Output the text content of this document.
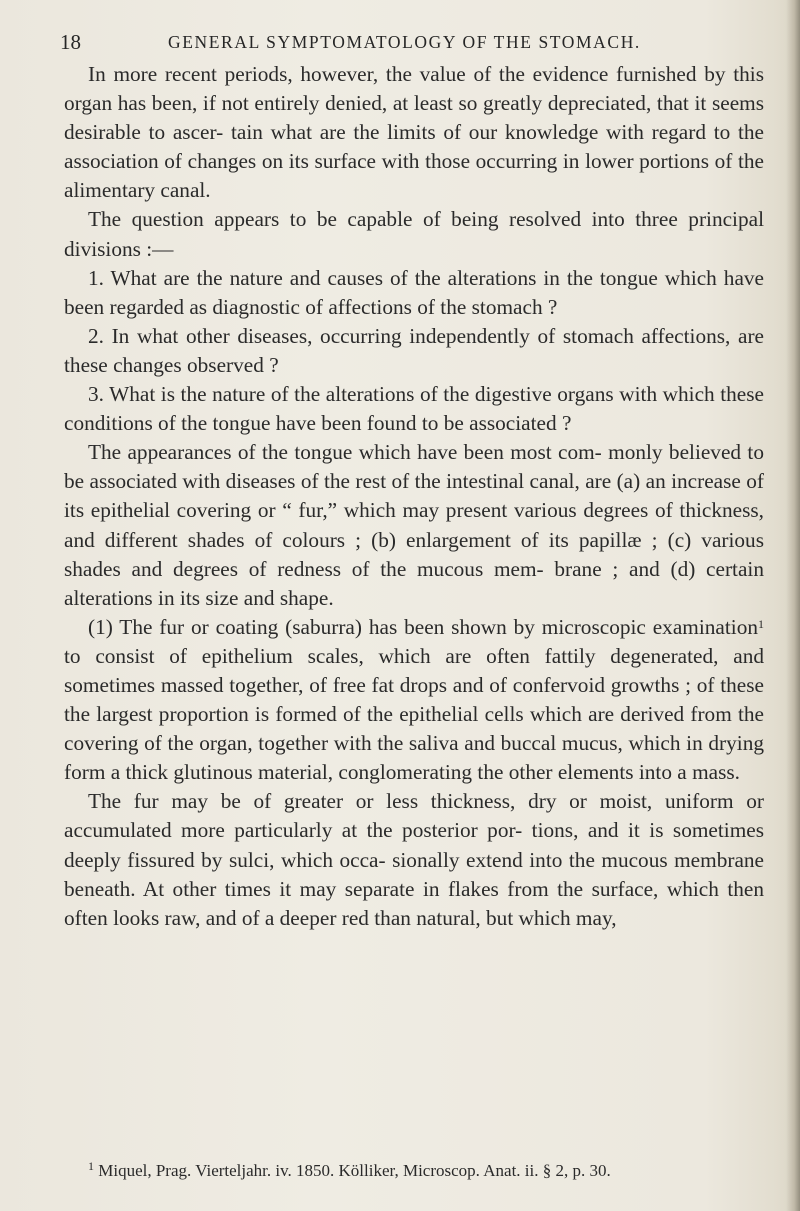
18	GENERAL SYMPTOMATOLOGY OF THE STOMACH.

In more recent periods, however, the value of the evidence furnished by this organ has been, if not entirely denied, at least so greatly depreciated, that it seems desirable to ascer- tain what are the limits of our knowledge with regard to the association of changes on its surface with those occurring in lower portions of the alimentary canal.

The question appears to be capable of being resolved into three principal divisions :—

1. What are the nature and causes of the alterations in the tongue which have been regarded as diagnostic of affections of the stomach ?

2. In what other diseases, occurring independently of stomach affections, are these changes observed ?

3. What is the nature of the alterations of the digestive organs with which these conditions of the tongue have been found to be associated ?

The appearances of the tongue which have been most com- monly believed to be associated with diseases of the rest of the intestinal canal, are (a) an increase of its epithelial covering or “ fur,” which may present various degrees of thickness, and different shades of colours ; (b) enlargement of its papillæ ; (c) various shades and degrees of redness of the mucous mem- brane ; and (d) certain alterations in its size and shape.

(1) The fur or coating (saburra) has been shown by microscopic examination$^1$ to consist of epithelium scales, which are often fattily degenerated, and sometimes massed together, of free fat drops and of confervoid growths ; of these the largest proportion is formed of the epithelial cells which are derived from the covering of the organ, together with the saliva and buccal mucus, which in drying form a thick glutinous material, conglomerating the other elements into a mass.

The fur may be of greater or less thickness, dry or moist, uniform or accumulated more particularly at the posterior por- tions, and it is sometimes deeply fissured by sulci, which occa- sionally extend into the mucous membrane beneath. At other times it may separate in flakes from the surface, which then often looks raw, and of a deeper red than natural, but which may,

$^1$ Miquel, Prag. Vierteljahr. iv. 1850. Kölliker, Microscop. Anat. ii. § 2, p. 30.
